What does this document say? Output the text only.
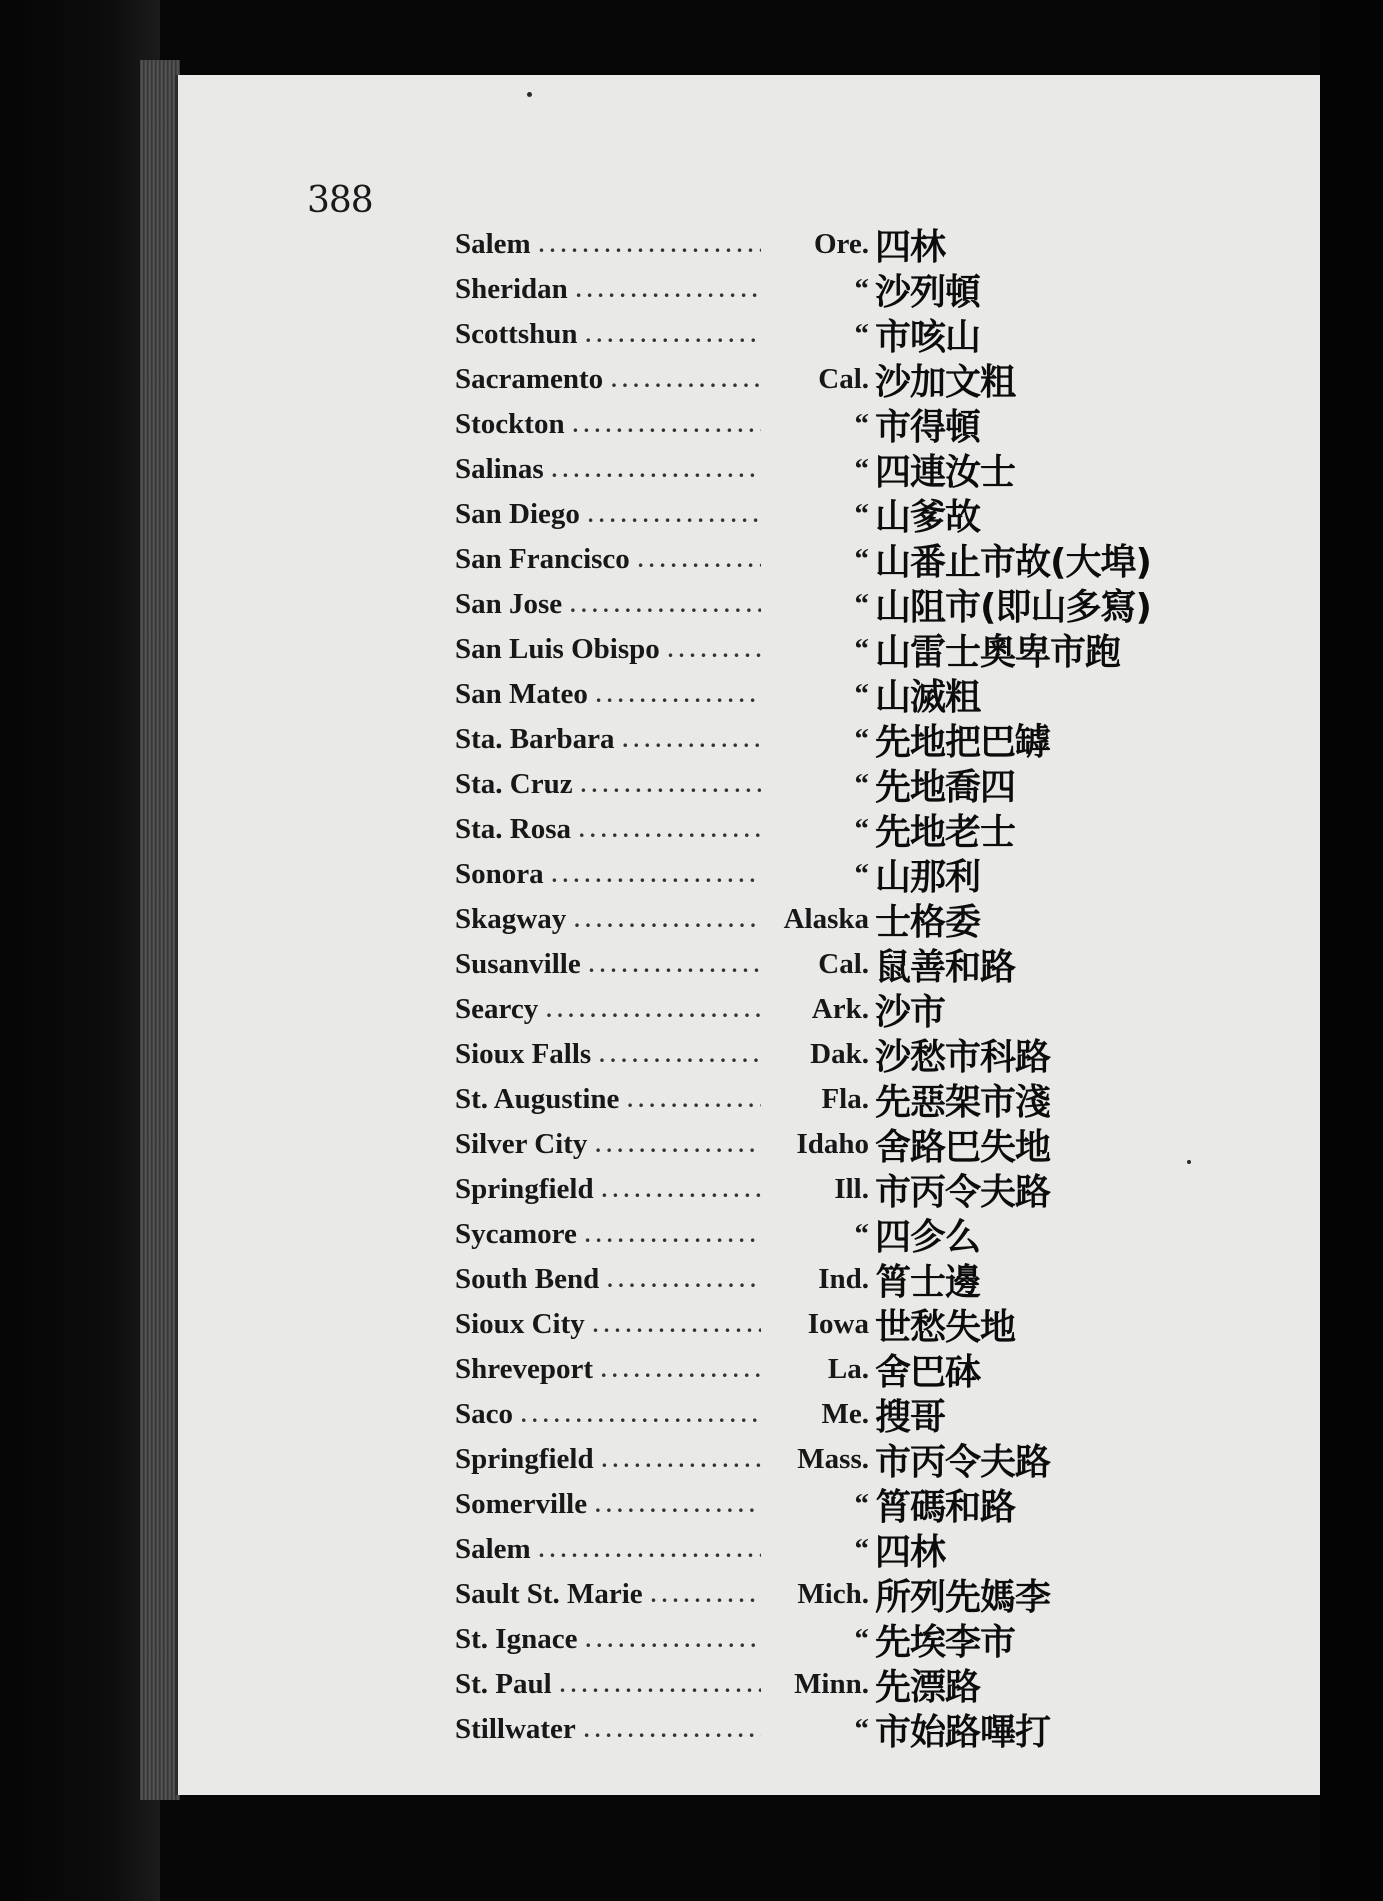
388
Salem . . .	Ore. 四林
Sheridan . . .	“ 沙列頓
Scottshun . . .	“ 市咳山
Sacramento . . .	Cal. 沙加文粗
Stockton . . .	“ 市得頓
Salinas . . .	“ 四連汝士
San Diego . . .	“ 山爹故
San Francisco . . .	“ 山番止市故(大埠)
San Jose . . .	“ 山阻市(即山多寫)
San Luis Obispo . . .	“ 山雷士奧卑市跑
San Mateo . . .	“ 山滅粗
Sta. Barbara . . .	“ 先地把巴罅
Sta. Cruz . . .	“ 先地喬四
Sta. Rosa . . .	“ 先地老士
Sonora . . .	“ 山那利
Skagway . . .	Alaska 士格委
Susanville . . .	Cal. 鼠善和路
Searcy . . .	Ark. 沙市
Sioux Falls . . .	Dak. 沙愁市科路
St. Augustine . . .	Fla. 先惡架市淺
Silver City . . .	Idaho 舍路巴失地
Springfield . . .	Ill. 市丙令夫路
Sycamore . . .	“ 四㐱么
South Bend . . .	Ind. 筲士邊
Sioux City . . .	Iowa 世愁失地
Shreveport . . .	La. 舍巴砵
Saco . . .	Me. 搜哥
Springfield . . .	Mass. 市丙令夫路
Somerville . . .	“ 筲碼和路
Salem . . .	“ 四林
Sault St. Marie . . .	Mich. 所列先媽李
St. Ignace . . .	“ 先埃李市
St. Paul . . .	Minn. 先漂路
Stillwater . . .	“ 市始路嗶打
